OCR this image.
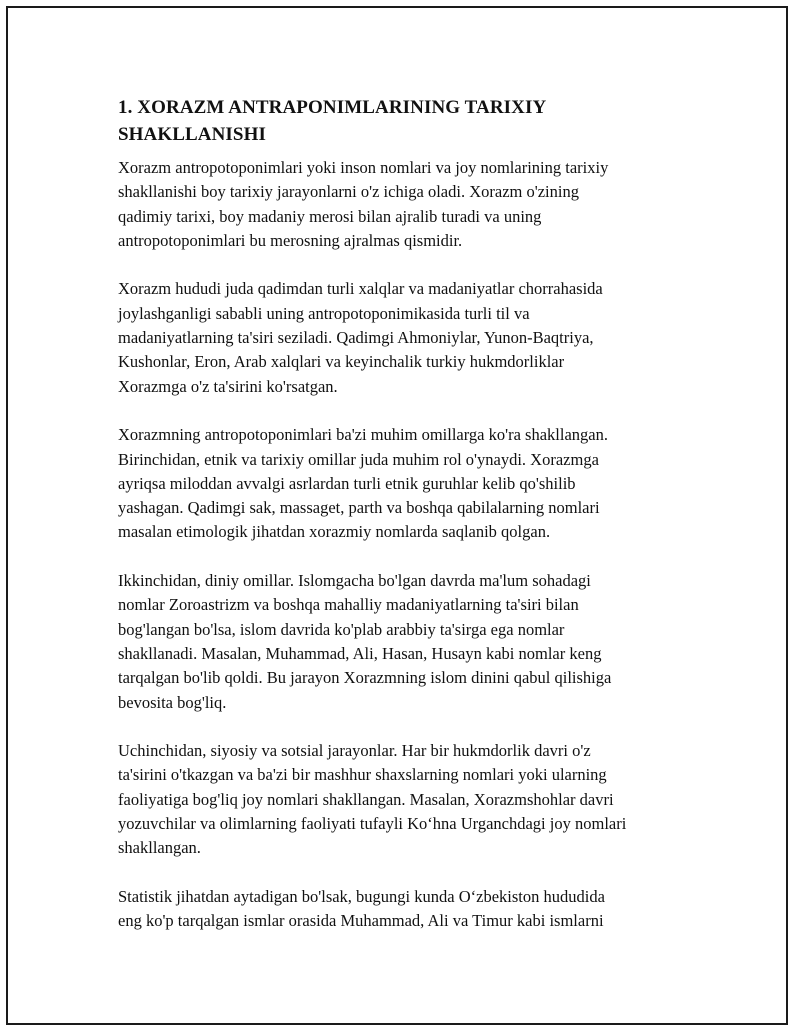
1. XORAZM ANTRAPONIMLARINING TARIXIY
SHAKLLANISHI

Xorazm antropotoponimlari yoki inson nomlari va joy nomlarining tarixiy
shakllanishi boy tarixiy jarayonlarni o'z ichiga oladi. Xorazm o'zining
qadimiy tarixi, boy madaniy merosi bilan ajralib turadi va uning
antropotoponimlari bu merosning ajralmas qismidir.

Xorazm hududi juda qadimdan turli xalqlar va madaniyatlar chorrahasida
joylashganligi sababli uning antropotoponimikasida turli til va
madaniyatlarning ta'siri seziladi. Qadimgi Ahmoniylar, Yunon-Baqtriya,
Kushonlar, Eron, Arab xalqlari va keyinchalik turkiy hukmdorliklar
Xorazmga o'z ta'sirini ko'rsatgan.

Xorazmning antropotoponimlari ba'zi muhim omillarga ko'ra shakllangan.
Birinchidan, etnik va tarixiy omillar juda muhim rol o'ynaydi. Xorazmga
ayriqsa miloddan avvalgi asrlardan turli etnik guruhlar kelib qo'shilib
yashagan. Qadimgi sak, massaget, parth va boshqa qabilalarning nomlari
masalan etimologik jihatdan xorazmiy nomlarda saqlanib qolgan.

Ikkinchidan, diniy omillar. Islomgacha bo'lgan davrda ma'lum sohadagi
nomlar Zoroastrizm va boshqa mahalliy madaniyatlarning ta'siri bilan
bog'langan bo'lsa, islom davrida ko'plab arabbiy ta'sirga ega nomlar
shakllanadi. Masalan, Muhammad, Ali, Hasan, Husayn kabi nomlar keng
tarqalgan bo'lib qoldi. Bu jarayon Xorazmning islom dinini qabul qilishiga
bevosita bog'liq.

Uchinchidan, siyosiy va sotsial jarayonlar. Har bir hukmdorlik davri o'z
ta'sirini o'tkazgan va ba'zi bir mashhur shaxslarning nomlari yoki ularning
faoliyatiga bog'liq joy nomlari shakllangan. Masalan, Xorazmshohlar davri
yozuvchilar va olimlarning faoliyati tufayli Ko‘hna Urganchdagi joy nomlari
shakllangan.

Statistik jihatdan aytadigan bo'lsak, bugungi kunda O‘zbekiston hududida
eng ko'p tarqalgan ismlar orasida Muhammad, Ali va Timur kabi ismlarni
